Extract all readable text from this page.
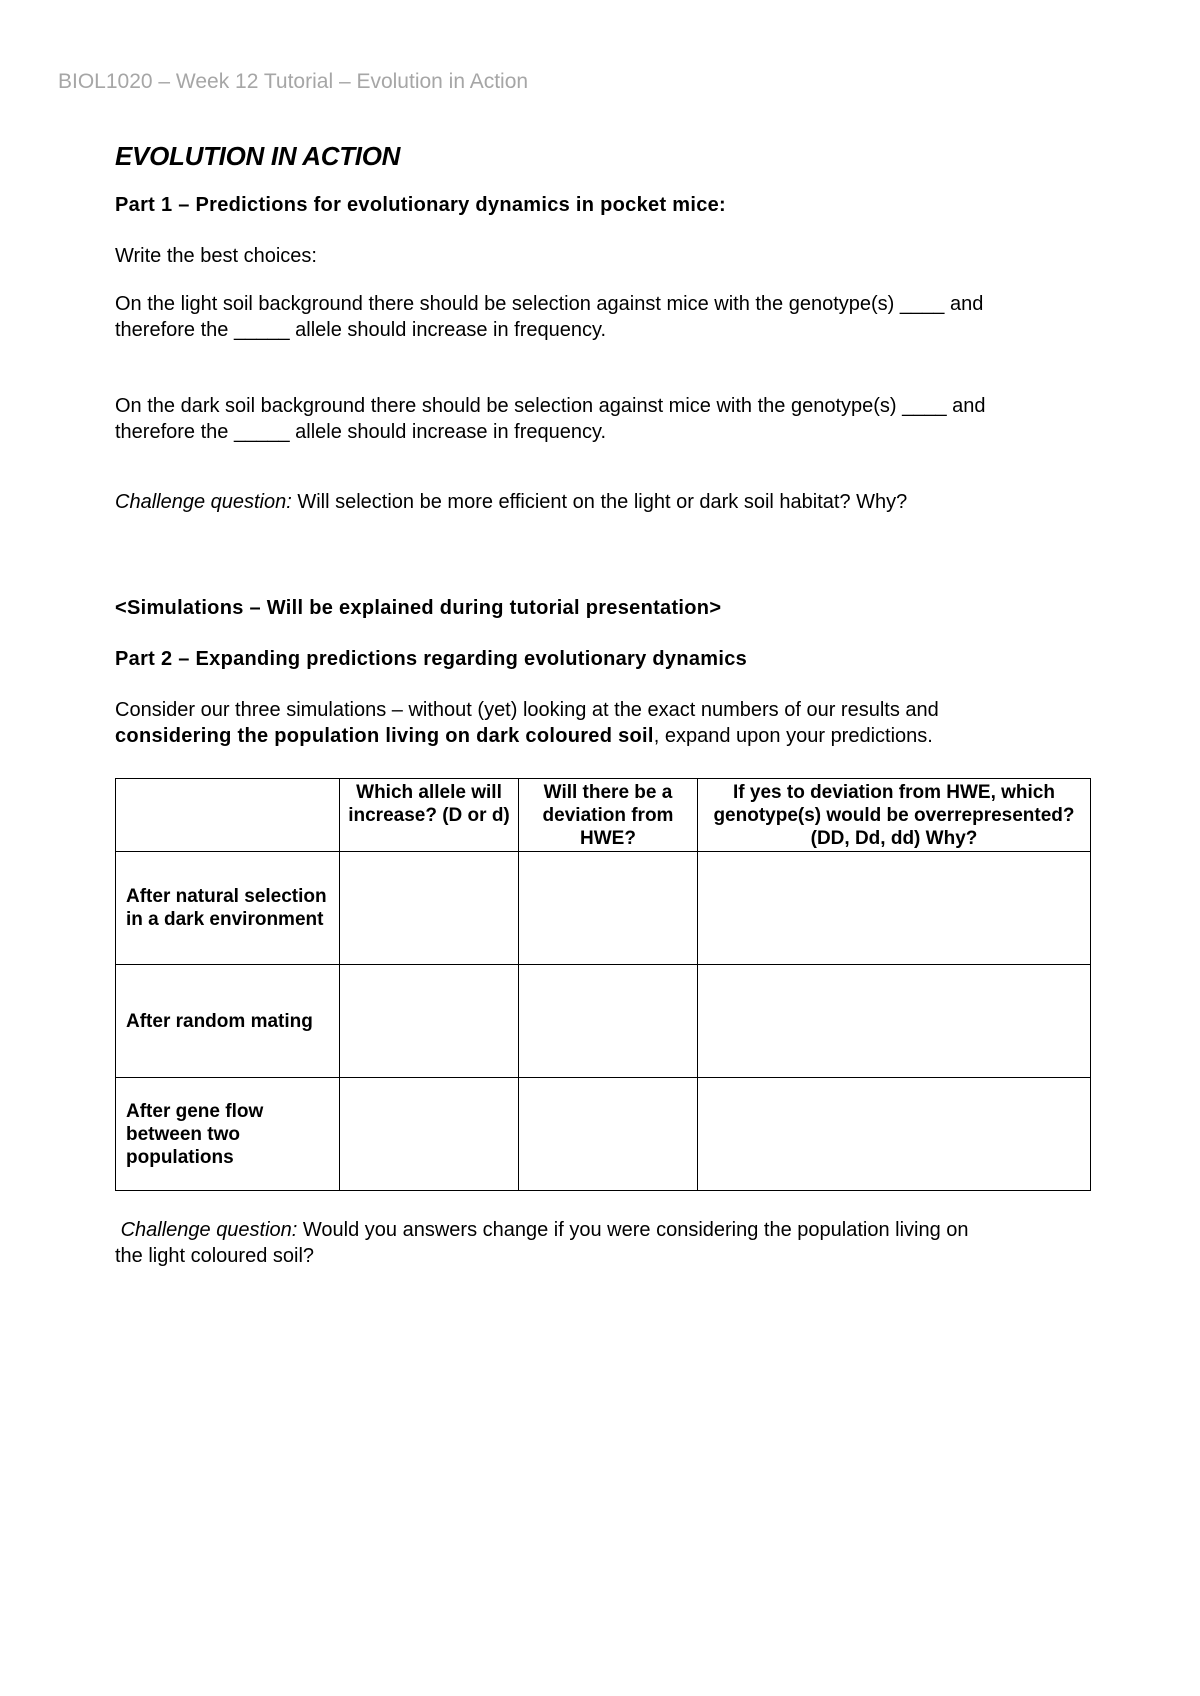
BIOL1020 – Week 12 Tutorial – Evolution in Action
EVOLUTION IN ACTION
Part 1 – Predictions for evolutionary dynamics in pocket mice:

Write the best choices:

On the light soil background there should be selection against mice with the genotype(s) ____ and
therefore the _____ allele should increase in frequency.
On the dark soil background there should be selection against mice with the genotype(s) ____ and
therefore the _____ allele should increase in frequency.

Challenge question: Will selection be more efficient on the light or dark soil habitat? Why?

<Simulations – Will be explained during tutorial presentation>
Part 2 – Expanding predictions regarding evolutionary dynamics
Consider our three simulations – without (yet) looking at the exact numbers of our results and
considering the population living on dark coloured soil, expand upon your predictions.
	Which allele will increase? (D or d)	Will there be a deviation from HWE?	If yes to deviation from HWE, which genotype(s) would be overrepresented? (DD, Dd, dd) Why?
After natural selection in a dark environment			
After random mating			
After gene flow between two populations			
Challenge question: Would you answers change if you were considering the population living on
the light coloured soil?
